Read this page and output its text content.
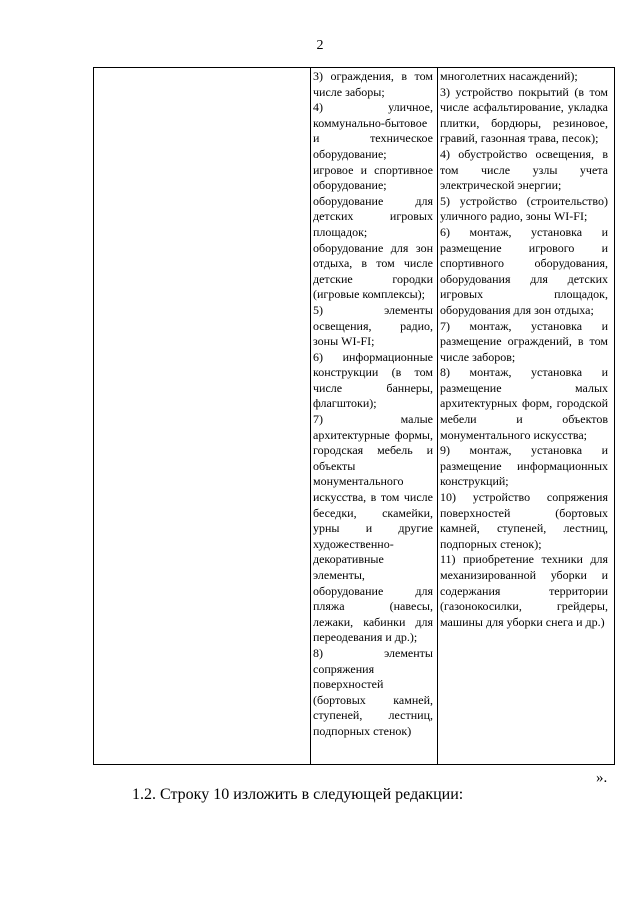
2

3) ограждения, в том числе заборы;

4) уличное, коммунально-бытовое и техническое оборудование;

игровое и спортивное оборудование;

оборудование для детских игровых площадок;

оборудование для зон отдыха, в том числе детские городки (игровые комплексы);

5) элементы освещения, радио, зоны WI-FI;

6) информационные конструкции (в том числе баннеры, флагштоки);

7) малые архитектурные формы, городская мебель и объекты монументального искусства, в том числе беседки, скамейки, урны и другие художественно-декоративные элементы,

оборудование для пляжа (навесы, лежаки, кабинки для переодевания и др.);

8) элементы сопряжения поверхностей (бортовых камней, ступеней, лестниц, подпорных стенок)

многолетних насаждений);

3) устройство покрытий (в том числе асфальтирование, укладка плитки, бордюры, резиновое, гравий, газонная трава, песок);

4) обустройство освещения, в том числе узлы учета электрической энергии;

5) устройство (строительство) уличного радио, зоны WI-FI;

6) монтаж, установка и размещение игрового и спортивного оборудования, оборудования для детских игровых площадок, оборудования для зон отдыха;

7) монтаж, установка и размещение ограждений, в том числе заборов;

8) монтаж, установка и размещение малых архитектурных форм, городской мебели и объектов монументального искусства;

9) монтаж, установка и размещение информационных конструкций;

10) устройство сопряжения поверхностей (бортовых камней, ступеней, лестниц, подпорных стенок);

11) приобретение техники для механизированной уборки и содержания территории (газонокосилки, грейдеры, машины для уборки снега и др.)

».
1.2. Строку 10 изложить в следующей редакции:
